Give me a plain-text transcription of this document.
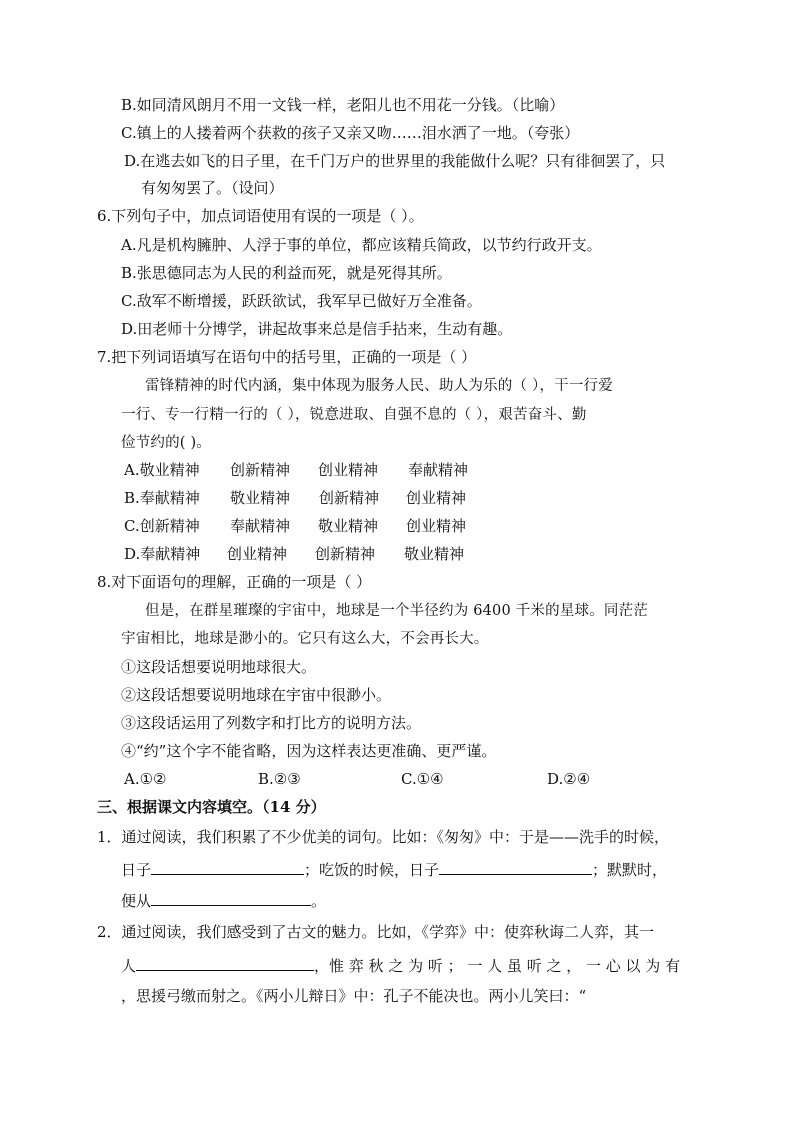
B.如同清风朗月不用一文钱一样，老阳儿也不用花一分钱。（比喻）
C.镇上的人搂着两个获救的孩子又亲又吻……泪水洒了一地。（夸张）
D.在逃去如飞的日子里，在千门万户的世界里的我能做什么呢？只有徘徊罢了，只
有匆匆罢了。（设问）
6.下列句子中，加点词语使用有误的一项是（ ）。
A.凡是机构臃肿、人浮于事的单位，都应该精兵简政，以节约行政开支。
B.张思德同志为人民的利益而死，就是死得其所。
C.敌军不断增援，跃跃欲试，我军早已做好万全准备。
D.田老师十分博学，讲起故事来总是信手拈来，生动有趣。
7.把下列词语填写在语句中的括号里，正确的一项是（ ）
雷锋精神的时代内涵，集中体现为服务人民、助人为乐的（ ），干一行爱
一行、专一行精一行的（ ），锐意进取、自强不息的（ ），艰苦奋斗、勤
俭节约的( )。
A.敬业精神 创新精神 创业精神 奉献精神
B.奉献精神 敬业精神 创新精神 创业精神
C.创新精神 奉献精神 敬业精神 创业精神
D.奉献精神 创业精神 创新精神 敬业精神
8.对下面语句的理解，正确的一项是（ ）
但是，在群星璀璨的宇宙中，地球是一个半径约为 6400 千米的星球。同茫茫
宇宙相比，地球是渺小的。它只有这么大，不会再长大。
①这段话想要说明地球很大。
②这段话想要说明地球在宇宙中很渺小。
③这段话运用了列数字和打比方的说明方法。
④“约”这个字不能省略，因为这样表达更准确、更严谨。
A.①②	B.②③	C.①④	D.②④
三、根据课文内容填空。（14 分）
1．通过阅读，我们积累了不少优美的词句。比如：《匆匆》中：于是——洗手的时候，
日子	；吃饭的时候，日子	；默默时，
便从	。
2．通过阅读，我们感受到了古文的魅力。比如，《学弈》中：使弈秋诲二人弈，其一
人	，惟 弈 秋 之 为 听 ； 一 人 虽 听 之 ， 一 心 以 为 有
，思援弓缴而射之。《两小儿辩日》中：孔子不能决也。两小儿笑曰：“
